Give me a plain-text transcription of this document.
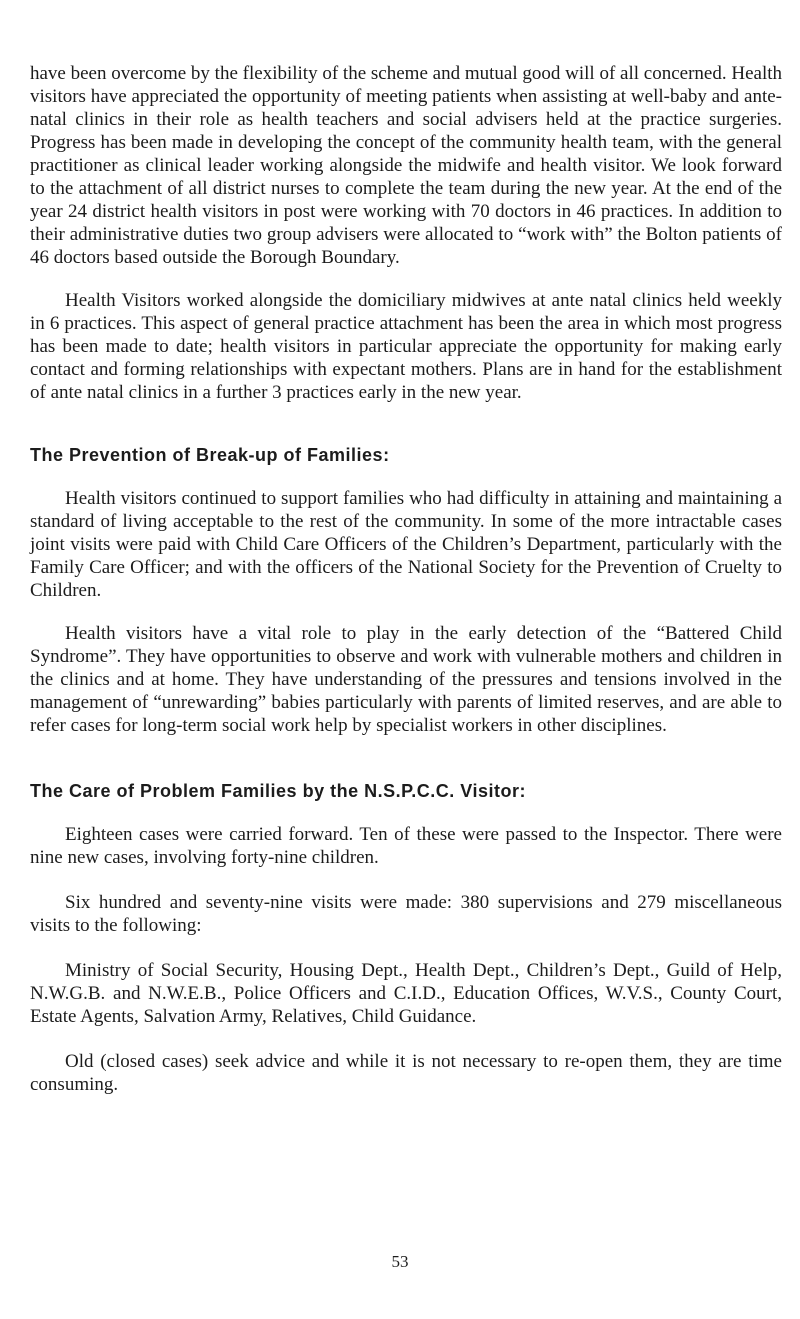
have been overcome by the flexibility of the scheme and mutual good will of all concerned. Health visitors have appreciated the opportunity of meeting patients when assisting at well-baby and ante-natal clinics in their role as health teachers and social advisers held at the practice surgeries. Progress has been made in developing the concept of the community health team, with the general practitioner as clinical leader working alongside the midwife and health visitor. We look forward to the attachment of all district nurses to complete the team during the new year. At the end of the year 24 district health visitors in post were working with 70 doctors in 46 practices. In addition to their administrative duties two group advisers were allocated to “work with” the Bolton patients of 46 doctors based outside the Borough Boundary.

Health Visitors worked alongside the domiciliary midwives at ante natal clinics held weekly in 6 practices. This aspect of general practice attachment has been the area in which most progress has been made to date; health visitors in particular appreciate the opportunity for making early contact and forming relationships with expectant mothers. Plans are in hand for the establishment of ante natal clinics in a further 3 practices early in the new year.

The Prevention of Break-up of Families:

Health visitors continued to support families who had difficulty in attaining and maintaining a standard of living acceptable to the rest of the community. In some of the more intractable cases joint visits were paid with Child Care Officers of the Children’s Department, particularly with the Family Care Officer; and with the officers of the National Society for the Prevention of Cruelty to Children.

Health visitors have a vital role to play in the early detection of the “Battered Child Syndrome”. They have opportunities to observe and work with vulnerable mothers and children in the clinics and at home. They have understanding of the pressures and tensions involved in the management of “unrewarding” babies particularly with parents of limited reserves, and are able to refer cases for long-term social work help by specialist workers in other disciplines.

The Care of Problem Families by the N.S.P.C.C. Visitor:

Eighteen cases were carried forward. Ten of these were passed to the Inspector. There were nine new cases, involving forty-nine children.

Six hundred and seventy-nine visits were made: 380 supervisions and 279 miscellaneous visits to the following:

Ministry of Social Security, Housing Dept., Health Dept., Children’s Dept., Guild of Help, N.W.G.B. and N.W.E.B., Police Officers and C.I.D., Education Offices, W.V.S., County Court, Estate Agents, Salvation Army, Relatives, Child Guidance.

Old (closed cases) seek advice and while it is not necessary to re-open them, they are time consuming.

53
